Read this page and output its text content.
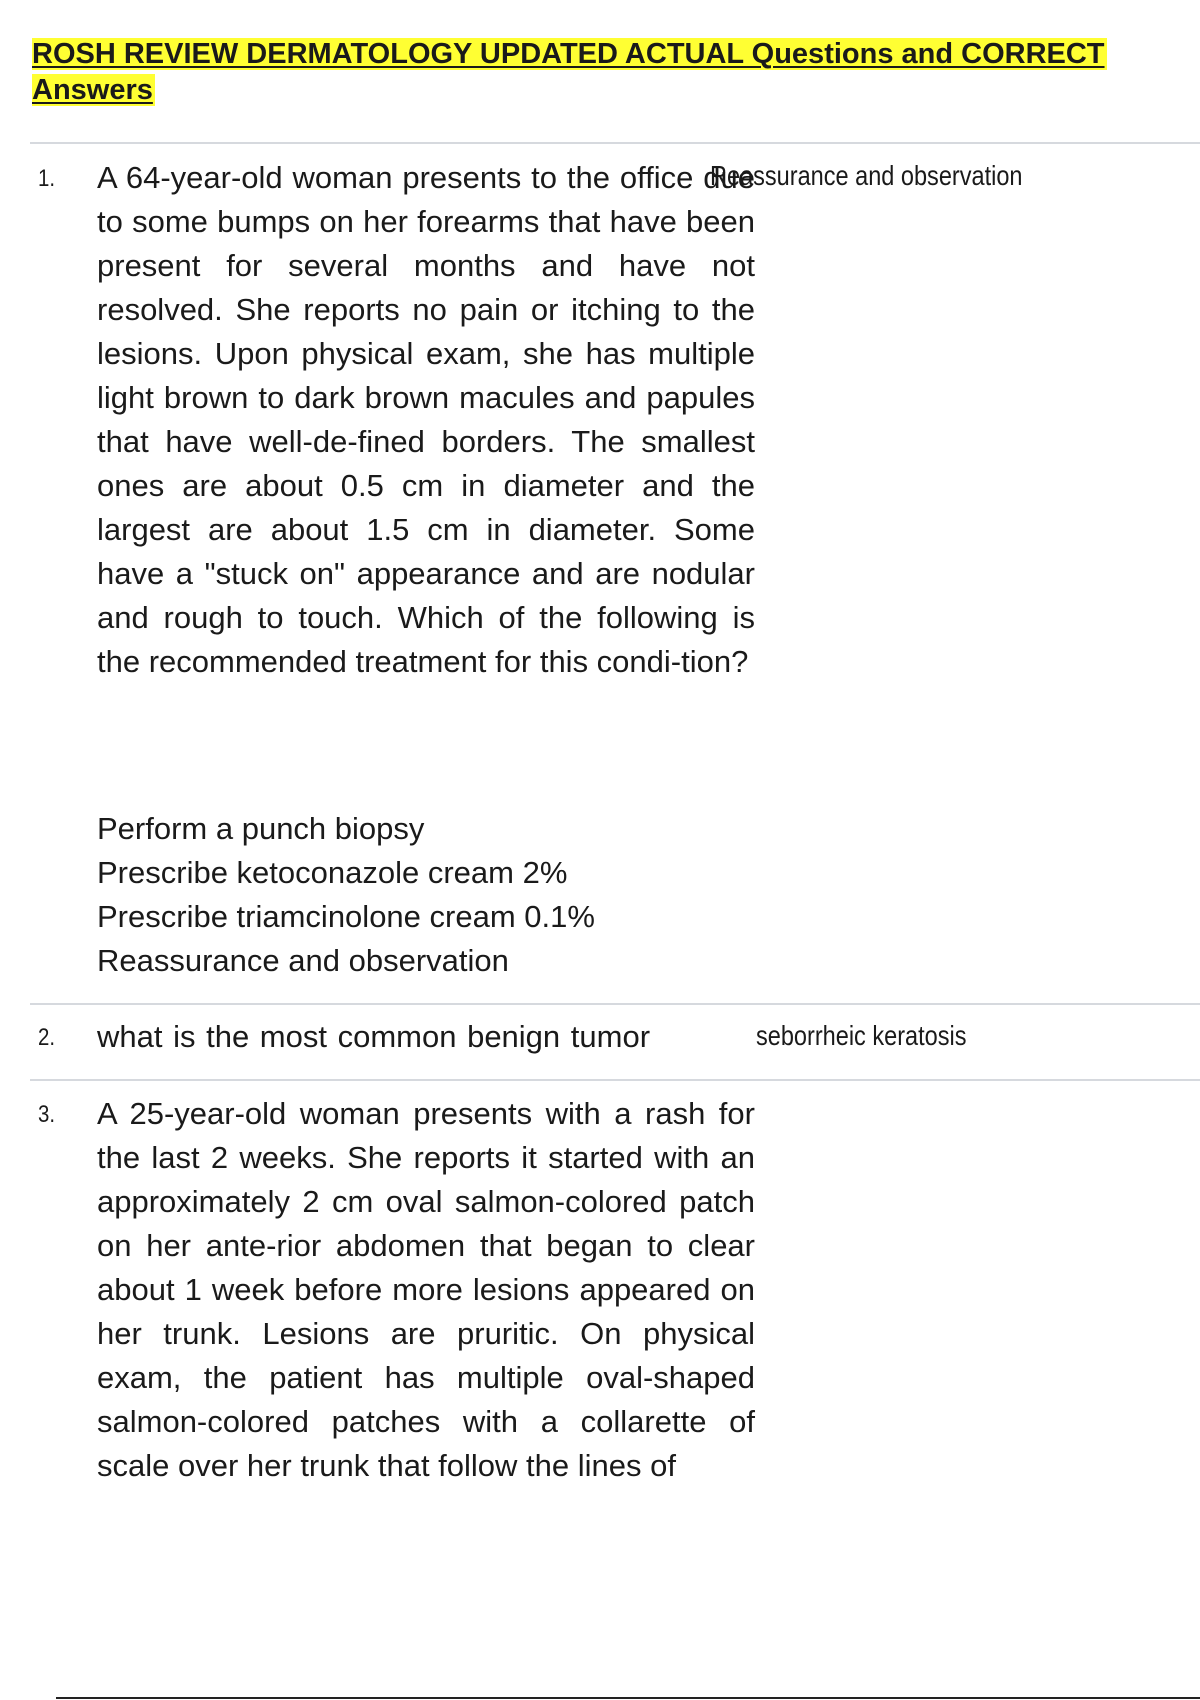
ROSH REVIEW DERMATOLOGY UPDATED ACTUAL Questions and CORRECT Answers
1. A 64-year-old woman presents to the office due to some bumps on her forearms that have been present for several months and have not resolved. She reports no pain or itching to the lesions. Upon physical exam, she has multiple light brown to dark brown macules and papules that have well-de-fined borders. The smallest ones are about 0.5 cm in diameter and the largest are about 1.5 cm in diameter. Some have a "stuck on" appearance and are nodular and rough to touch. Which of the following is the recommended treatment for this condi-tion?

Perform a punch biopsy
Prescribe ketoconazole cream 2%
Prescribe triamcinolone cream 0.1%
Reassurance and observation
Reassurance and observation
2. what is the most common benign tumor	seborrheic keratosis
3. A 25-year-old woman presents with a rash for the last 2 weeks. She reports it started with an approximately 2 cm oval salmon-colored patch on her ante-rior abdomen that began to clear about 1 week before more lesions appeared on her trunk. Lesions are pruritic. On physical exam, the patient has multiple oval-shaped salmon-colored patches with a collarette of scale over her trunk that follow the lines of
